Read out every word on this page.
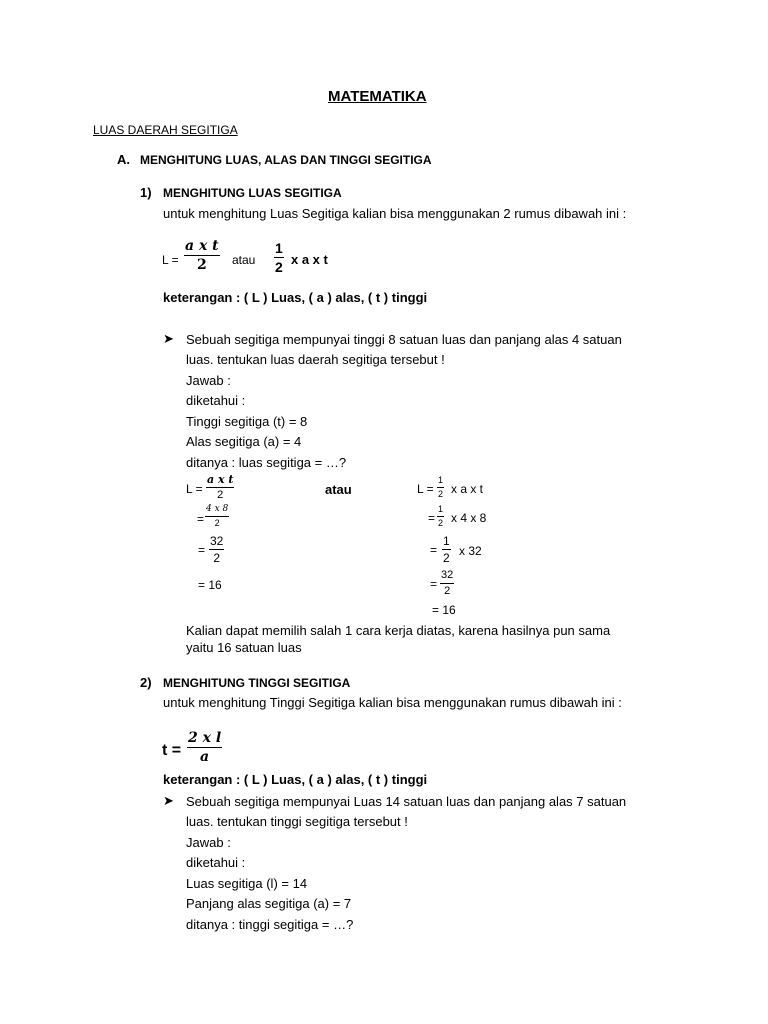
MATEMATIKA
LUAS DAERAH SEGITIGA
A. MENGHITUNG LUAS, ALAS DAN TINGGI SEGITIGA
1) MENGHITUNG LUAS SEGITIGA
untuk menghitung Luas Segitiga kalian bisa menggunakan 2 rumus dibawah ini :
L =
a x t
2 atau
1
2 x a x t
keterangan : ( L ) Luas, ( a ) alas, ( t ) tinggi
➤ Sebuah segitiga mempunyai tinggi 8 satuan luas dan panjang alas 4 satuan
luas. tentukan luas daerah segitiga tersebut !
Jawab :
diketahui :
Tinggi segitiga (t) = 8
Alas segitiga (a) = 4
ditanya : luas segitiga = …?
L =
a x t
2
=
4 x 8
2
=
32
2
= 16
atau	L =
1
2 x a x t
=
1
2 x 4 x 8
=
1
2 x 32
=
32
2
= 16
Kalian dapat memilih salah 1 cara kerja diatas, karena hasilnya pun sama
yaitu 16 satuan luas
2) MENGHITUNG TINGGI SEGITIGA
untuk menghitung Tinggi Segitiga kalian bisa menggunakan rumus dibawah ini :
t =
2 x l
a
keterangan : ( L ) Luas, ( a ) alas, ( t ) tinggi
➤ Sebuah segitiga mempunyai Luas 14 satuan luas dan panjang alas 7 satuan
luas. tentukan tinggi segitiga tersebut !
Jawab :
diketahui :
Luas segitiga (l) = 14
Panjang alas segitiga (a) = 7
ditanya : tinggi segitiga = …?
